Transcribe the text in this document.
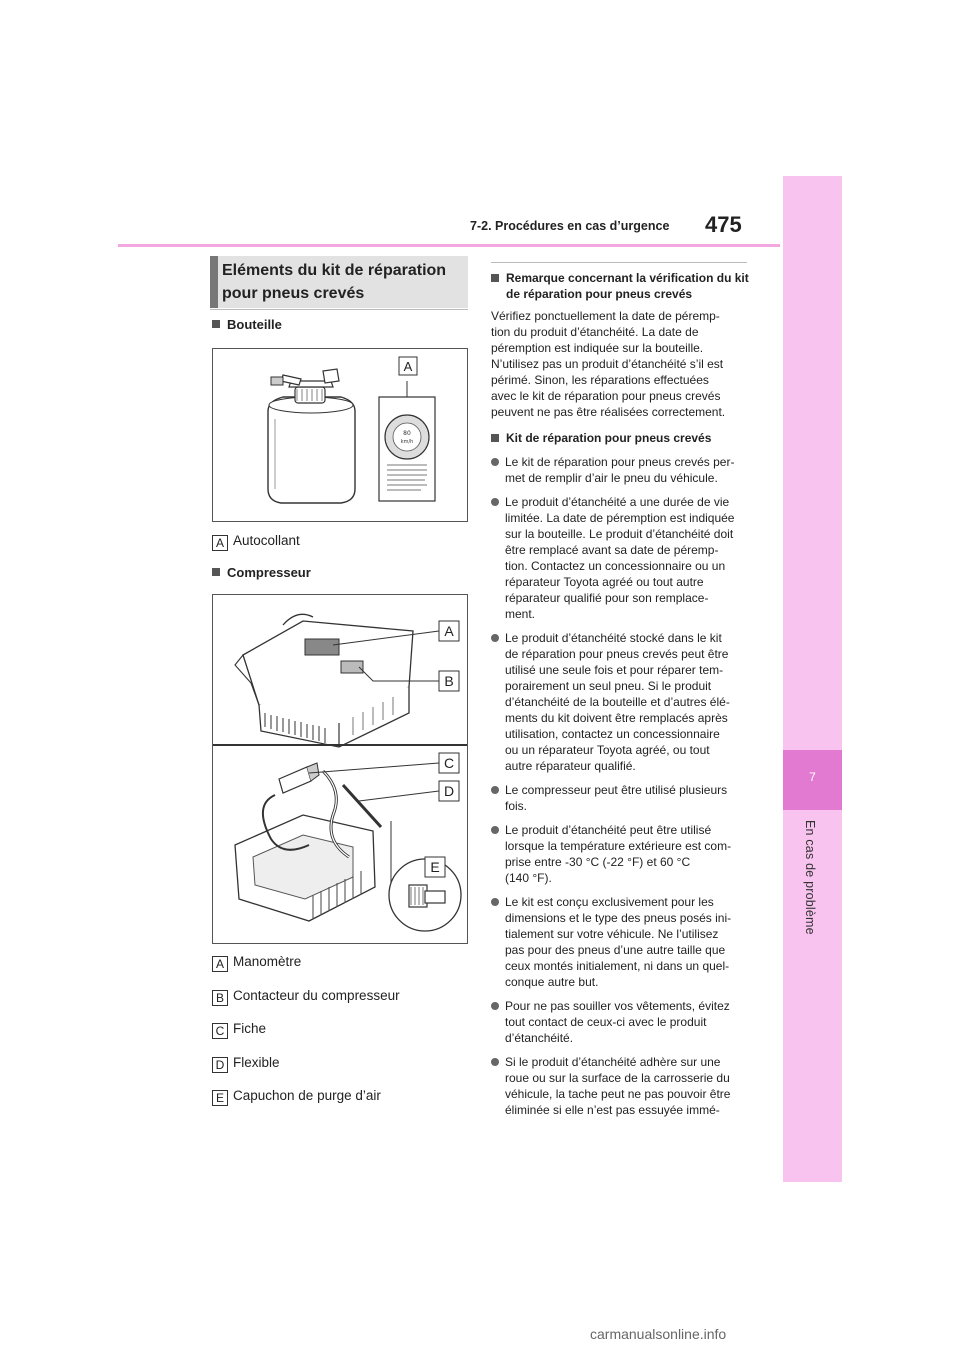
7-2. Procédures en cas d’urgence 475
7
En cas de problème
Eléments du kit de réparation pour pneus crevés
Bouteille
80
km/h
A
A Autocollant
Compresseur
A
B
C
D
E
A Manomètre
B Contacteur du compresseur
C Fiche
D Flexible
E Capuchon de purge d’air
Remarque concernant la vérification du kit de réparation pour pneus crevés
Vérifiez ponctuellement la date de péremp-
tion du produit d’étanchéité. La date de
péremption est indiquée sur la bouteille.
N’utilisez pas un produit d’étanchéité s’il est
périmé. Sinon, les réparations effectuées
avec le kit de réparation pour pneus crevés
peuvent ne pas être réalisées correctement.
Kit de réparation pour pneus crevés
Le kit de réparation pour pneus crevés per-
met de remplir d’air le pneu du véhicule.
Le produit d’étanchéité a une durée de vie
limitée. La date de péremption est indiquée
sur la bouteille. Le produit d’étanchéité doit
être remplacé avant sa date de péremp-
tion. Contactez un concessionnaire ou un
réparateur Toyota agréé ou tout autre
réparateur qualifié pour son remplace-
ment.
Le produit d’étanchéité stocké dans le kit
de réparation pour pneus crevés peut être
utilisé une seule fois et pour réparer tem-
porairement un seul pneu. Si le produit
d’étanchéité de la bouteille et d’autres élé-
ments du kit doivent être remplacés après
utilisation, contactez un concessionnaire
ou un réparateur Toyota agréé, ou tout
autre réparateur qualifié.
Le compresseur peut être utilisé plusieurs
fois.
Le produit d’étanchéité peut être utilisé
lorsque la température extérieure est com-
prise entre -30 °C (-22 °F) et 60 °C
(140 °F).
Le kit est conçu exclusivement pour les
dimensions et le type des pneus posés ini-
tialement sur votre véhicule. Ne l’utilisez
pas pour des pneus d’une autre taille que
ceux montés initialement, ni dans un quel-
conque autre but.
Pour ne pas souiller vos vêtements, évitez
tout contact de ceux-ci avec le produit
d’étanchéité.
Si le produit d’étanchéité adhère sur une
roue ou sur la surface de la carrosserie du
véhicule, la tache peut ne pas pouvoir être
éliminée si elle n’est pas essuyée immé-
carmanualsonline.info
